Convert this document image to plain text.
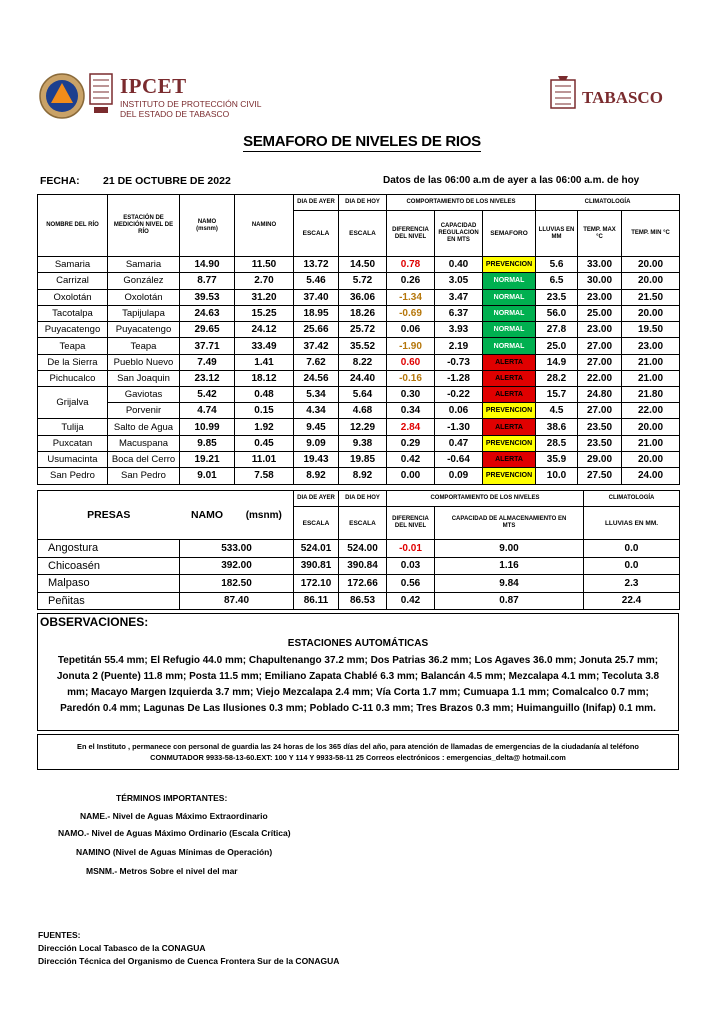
IPCET
INSTITUTO DE PROTECCIÓN CIVIL
DEL ESTADO DE TABASCO
TABASCO
SEMAFORO DE NIVELES DE RIOS
FECHA: 21 DE OCTUBRE DE 2022	Datos de las 06:00 a.m de ayer a las 06:00 a.m. de hoy
NOMBRE DEL RÍO	ESTACIÓN DE MEDICIÓN NIVEL DE RÍO	NAMO (msnm)	NAMINO	DIA DE AYER	DIA DE HOY	COMPORTAMIENTO DE LOS NIVELES			CLIMATOLOGÍA		
				ESCALA	ESCALA	DIFERENCIA DEL NIVEL	CAPACIDAD REGULACION EN MTS	SEMAFORO	LLUVIAS EN MM	TEMP. MAX °C	TEMP. MIN °C
Samaria	Samaria	14.90	11.50	13.72	14.50	0.78	0.40	PREVENCION	5.6	33.00	20.00
Carrizal	González	8.77	2.70	5.46	5.72	0.26	3.05	NORMAL	6.5	30.00	20.00
Oxolotán	Oxolotán	39.53	31.20	37.40	36.06	-1.34	3.47	NORMAL	23.5	23.00	21.50
Tacotalpa	Tapijulapa	24.63	15.25	18.95	18.26	-0.69	6.37	NORMAL	56.0	25.00	20.00
Puyacatengo	Puyacatengo	29.65	24.12	25.66	25.72	0.06	3.93	NORMAL	27.8	23.00	19.50
Teapa	Teapa	37.71	33.49	37.42	35.52	-1.90	2.19	NORMAL	25.0	27.00	23.00
De la Sierra	Pueblo Nuevo	7.49	1.41	7.62	8.22	0.60	-0.73	ALERTA	14.9	27.00	21.00
Pichucalco	San Joaquin	23.12	18.12	24.56	24.40	-0.16	-1.28	ALERTA	28.2	22.00	21.00
Grijalva	Gaviotas	5.42	0.48	5.34	5.64	0.30	-0.22	ALERTA	15.7	24.80	21.80
	Porvenir	4.74	0.15	4.34	4.68	0.34	0.06	PREVENCION	4.5	27.00	22.00
Tulija	Salto de Agua	10.99	1.92	9.45	12.29	2.84	-1.30	ALERTA	38.6	23.50	20.00
Puxcatan	Macuspana	9.85	0.45	9.09	9.38	0.29	0.47	PREVENCION	28.5	23.50	21.00
Usumacinta	Boca del Cerro	19.21	11.01	19.43	19.85	0.42	-0.64	ALERTA	35.9	29.00	20.00
San Pedro	San Pedro	9.01	7.58	8.92	8.92	0.00	0.09	PREVENCION	10.0	27.50	24.00
PRESAS	NAMO	(msnm)	DIA DE AYER	DIA DE HOY	COMPORTAMIENTO DE LOS NIVELES		CLIMATOLOGÍA
			ESCALA	ESCALA	DIFERENCIA DEL NIVEL	CAPACIDAD DE ALMACENAMIENTO EN MTS	LLUVIAS EN MM.
Angostura	533.00		524.01	524.00	-0.01	9.00	0.0
Chicoasén	392.00		390.81	390.84	0.03	1.16	0.0
Malpaso	182.50		172.10	172.66	0.56	9.84	2.3
Peñitas	87.40		86.11	86.53	0.42	0.87	22.4
OBSERVACIONES:
ESTACIONES AUTOMÁTICAS
Tepetitán 55.4 mm; El Refugio 44.0 mm; Chapultenango 37.2 mm; Dos Patrias 36.2 mm; Los Agaves 36.0 mm; Jonuta 25.7 mm; Jonuta 2 (Puente) 11.8 mm; Posta 11.5 mm; Emiliano Zapata Chablé 6.3 mm; Balancán 4.5 mm; Mezcalapa 4.1 mm; Tecoluta 3.8 mm; Macayo Margen Izquierda 3.7 mm; Viejo Mezcalapa 2.4 mm; Vía Corta 1.7 mm; Cumuapa 1.1 mm; Comalcalco 0.7 mm; Paredón 0.4 mm; Lagunas De Las Ilusiones 0.3 mm; Poblado C-11 0.3 mm; Tres Brazos 0.3 mm; Huimanguillo (Inifap) 0.1 mm.
En el Instituto , permanece con personal de guardia las 24 horas de los 365 días del año, para atención de llamadas de emergencias de la ciudadanía al teléfono
CONMUTADOR 9933-58-13-60.EXT: 100 Y 114 Y 9933-58-11 25 Correos electrónicos : emergencias_delta@ hotmail.com
TÉRMINOS IMPORTANTES:
NAME.- Nivel de Aguas Máximo Extraordinario
NAMO.- Nivel de Aguas Máximo Ordinario (Escala Crítica)
NAMINO (Nivel de Aguas Mínimas de Operación)
MSNM.- Metros Sobre el nivel del mar
FUENTES:
Dirección Local Tabasco de la CONAGUA
Dirección Técnica del Organismo de Cuenca Frontera Sur de la CONAGUA
